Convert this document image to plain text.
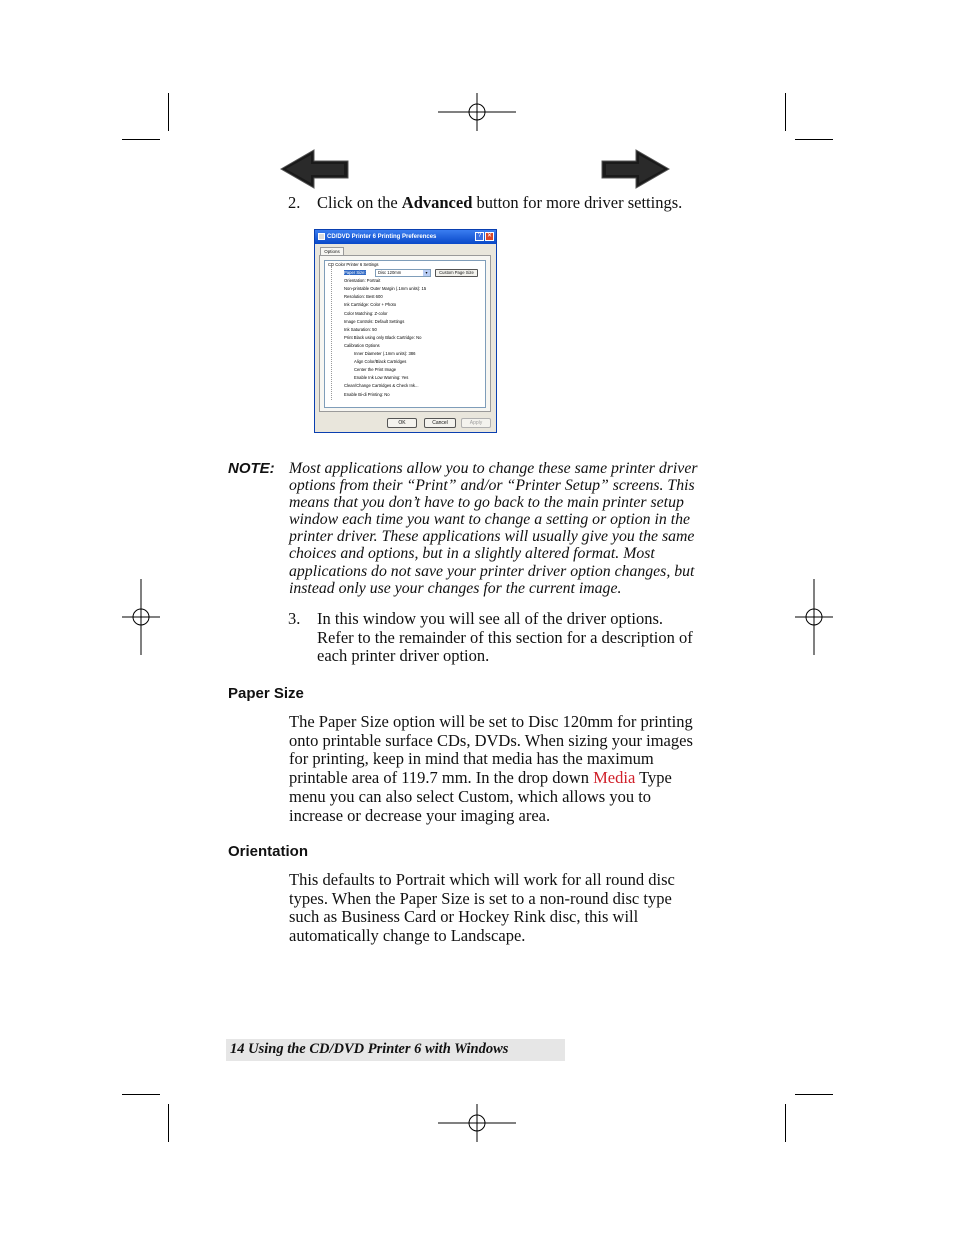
2. Click on the Advanced button for more driver settings.
CD/DVD Printer 6 Printing Preferences	? ✕
Options
CD Color Printer 6 Settings
Paper Size:
Orientation: Portrait
Non-printable Outer Margin (.1mm units): 15
Resolution: Best 600
Ink Cartridge: Color + Photo
Color Matching: Z-color
Image Controls: Default Settings
Ink Saturation: 50
Print Black using only Black Cartridge: No
Calibration Options
Inner Diameter (.1mm units): 386
Align Color/Black Cartridges
Center the Print Image
Enable Ink Low Warning: Yes
Clean/Change Cartridges & Check Ink...
Enable Bi-di Printing: No
Disc 120mm	▾	Custom Page Size
OK	Cancel	Apply
NOTE: Most applications allow you to change these same printer driver
options from their “Print” and/or “Printer Setup” screens. This
means that you don’t have to go back to the main printer setup
window each time you want to change a setting or option in the
printer driver. These applications will usually give you the same
choices and options, but in a slightly altered format. Most
applications do not save your printer driver option changes, but
instead only use your changes for the current image.
3. In this window you will see all of the driver options.
Refer to the remainder of this section for a description of
each printer driver option.
Paper Size
The Paper Size option will be set to Disc 120mm for printing
onto printable surface CDs, DVDs. When sizing your images
for printing, keep in mind that media has the maximum
printable area of 119.7 mm. In the drop down Media Type
menu you can also select Custom, which allows you to
increase or decrease your imaging area.
Orientation
This defaults to Portrait which will work for all round disc
types. When the Paper Size is set to a non-round disc type
such as Business Card or Hockey Rink disc, this will
automatically change to Landscape.
14 Using the CD/DVD Printer 6 with Windows
